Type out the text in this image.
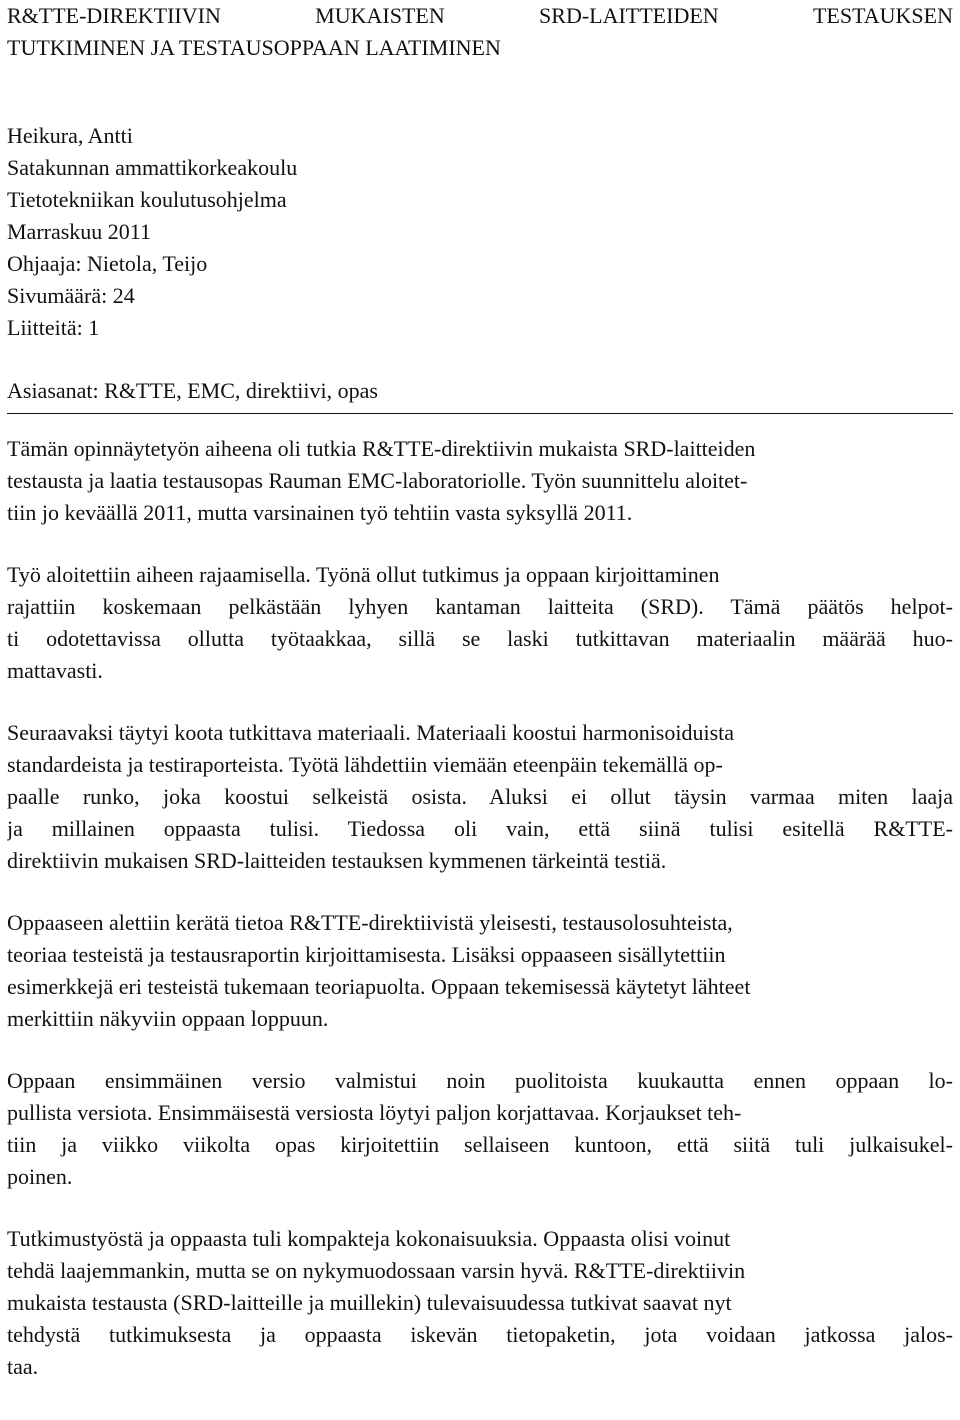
R&TTE-DIREKTIIVIN	MUKAISTEN	SRD-LAITTEIDEN	TESTAUKSEN
TUTKIMINEN JA TESTAUSOPPAAN LAATIMINEN
Heikura, Antti
Satakunnan ammattikorkeakoulu
Tietotekniikan koulutusohjelma
Marraskuu 2011
Ohjaaja: Nietola, Teijo
Sivumäärä: 24
Liitteitä: 1
Asiasanat: R&TTE, EMC, direktiivi, opas
Tämän opinnäytetyön aiheena oli tutkia R&TTE-direktiivin mukaista SRD-laitteiden
testausta ja laatia testausopas Rauman EMC-laboratoriolle. Työn suunnittelu aloitet-
tiin jo keväällä 2011, mutta varsinainen työ tehtiin vasta syksyllä 2011.
Työ aloitettiin aiheen rajaamisella. Työnä ollut tutkimus ja oppaan kirjoittaminen
rajattiin koskemaan pelkästään lyhyen kantaman laitteita (SRD). Tämä päätös helpot-
ti odotettavissa ollutta työtaakkaa, sillä se laski tutkittavan materiaalin määrää huo-
mattavasti.
Seuraavaksi täytyi koota tutkittava materiaali. Materiaali koostui harmonisoiduista
standardeista ja testiraporteista. Työtä lähdettiin viemään eteenpäin tekemällä op-
paalle runko, joka koostui selkeistä osista. Aluksi ei ollut täysin varmaa miten laaja
ja millainen oppaasta tulisi. Tiedossa oli vain, että siinä tulisi esitellä R&TTE-
direktiivin mukaisen SRD-laitteiden testauksen kymmenen tärkeintä testiä.
Oppaaseen alettiin kerätä tietoa R&TTE-direktiivistä yleisesti, testausolosuhteista,
teoriaa testeistä ja testausraportin kirjoittamisesta. Lisäksi oppaaseen sisällytettiin
esimerkkejä eri testeistä tukemaan teoriapuolta. Oppaan tekemisessä käytetyt lähteet
merkittiin näkyviin oppaan loppuun.
Oppaan ensimmäinen versio valmistui noin puolitoista kuukautta ennen oppaan lo-
pullista versiota. Ensimmäisestä versiosta löytyi paljon korjattavaa. Korjaukset teh-
tiin ja viikko viikolta opas kirjoitettiin sellaiseen kuntoon, että siitä tuli julkaisukel-
poinen.
Tutkimustyöstä ja oppaasta tuli kompakteja kokonaisuuksia. Oppaasta olisi voinut
tehdä laajemmankin, mutta se on nykymuodossaan varsin hyvä. R&TTE-direktiivin
mukaista testausta (SRD-laitteille ja muillekin) tulevaisuudessa tutkivat saavat nyt
tehdystä tutkimuksesta ja oppaasta iskevän tietopaketin, jota voidaan jatkossa jalos-
taa.
